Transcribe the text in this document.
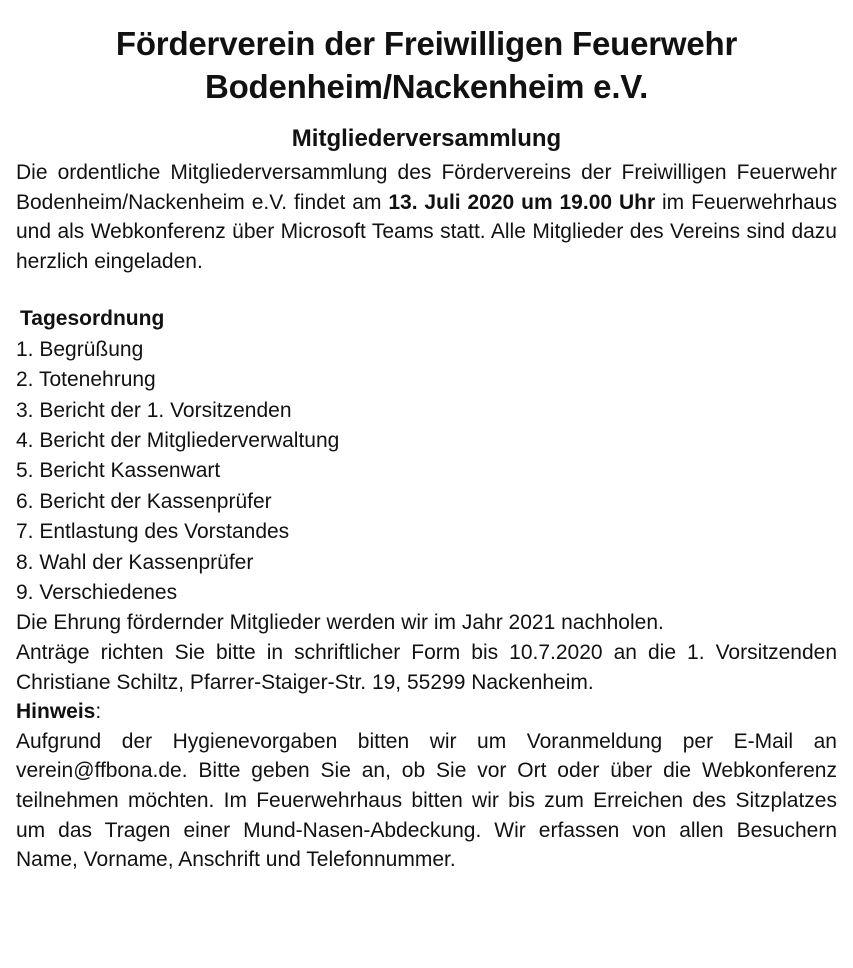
Förderverein der Freiwilligen Feuerwehr
Bodenheim/Nackenheim e.V.
Mitgliederversammlung

Die ordentliche Mitgliederversammlung des Fördervereins der Freiwilligen Feuerwehr Bodenheim/Nackenheim e.V. findet am 13. Juli 2020 um 19.00 Uhr im Feuerwehrhaus und als Webkonferenz über Microsoft Teams statt. Alle Mitglieder des Vereins sind dazu herzlich eingeladen.

Tagesordnung
1. Begrüßung
2. Totenehrung
3. Bericht der 1. Vorsitzenden
4. Bericht der Mitgliederverwaltung
5. Bericht Kassenwart
6. Bericht der Kassenprüfer
7. Entlastung des Vorstandes
8. Wahl der Kassenprüfer
9. Verschiedenes

Die Ehrung fördernder Mitglieder werden wir im Jahr 2021 nachholen.

Anträge richten Sie bitte in schriftlicher Form bis 10.7.2020 an die 1. Vorsitzenden Christiane Schiltz, Pfarrer-Staiger-Str. 19, 55299 Nackenheim.

Hinweis:

Aufgrund der Hygienevorgaben bitten wir um Voranmeldung per E-Mail an verein@ffbona.de. Bitte geben Sie an, ob Sie vor Ort oder über die Webkonferenz teilnehmen möchten. Im Feuerwehrhaus bitten wir bis zum Erreichen des Sitzplatzes um das Tragen einer Mund-Nasen-Abdeckung. Wir erfassen von allen Besuchern Name, Vorname, Anschrift und Telefonnummer.
